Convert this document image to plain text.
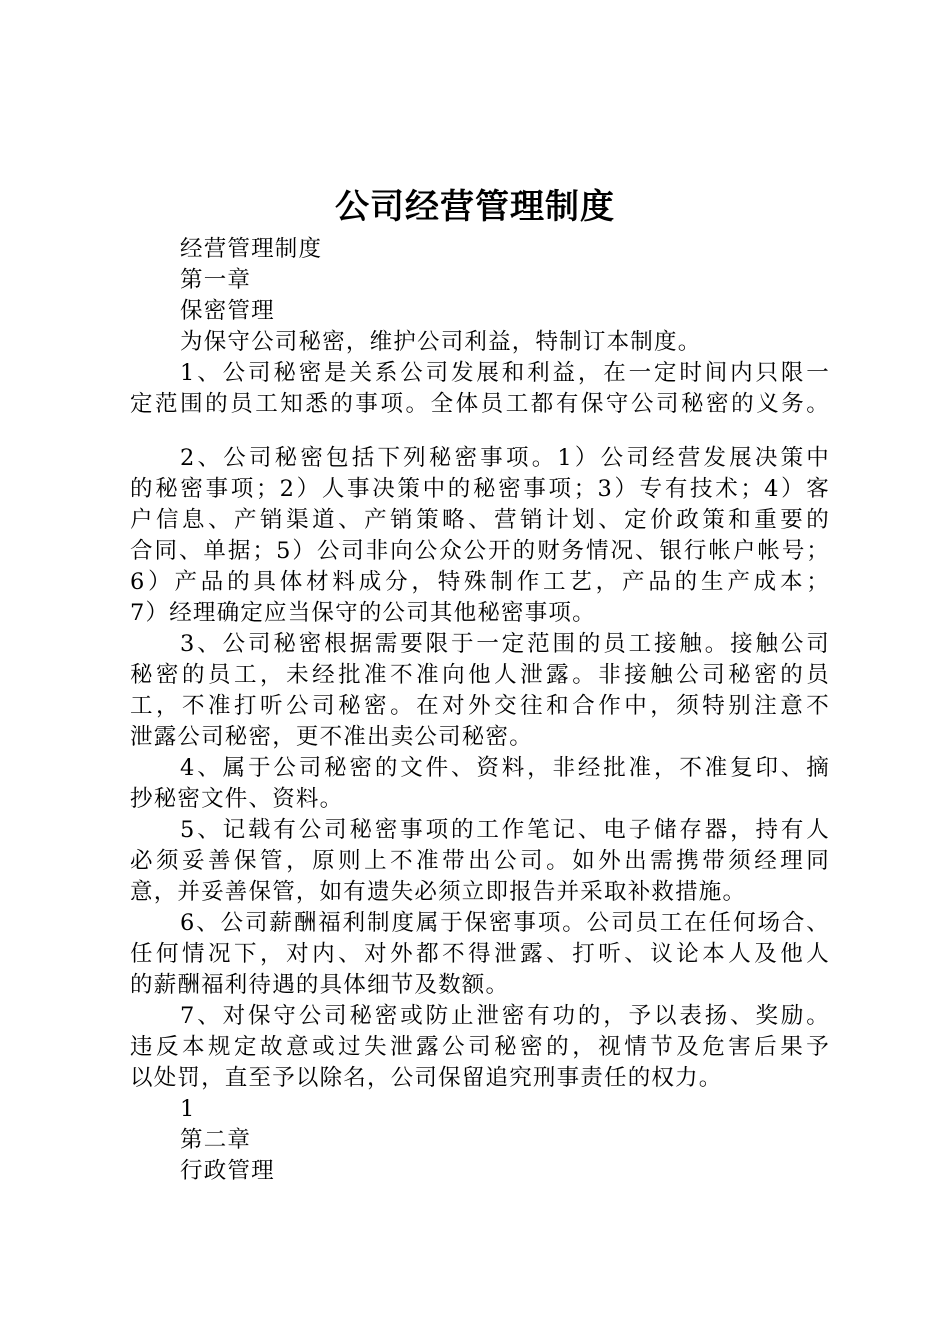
公司经营管理制度
经营管理制度
第一章
保密管理
为保守公司秘密，维护公司利益，特制订本制度。
1、公司秘密是关系公司发展和利益，在一定时间内只限一
定范围的员工知悉的事项。全体员工都有保守公司秘密的义务。
2、公司秘密包括下列秘密事项。1）公司经营发展决策中
的秘密事项；2）人事决策中的秘密事项；3）专有技术；4）客
户信息、产销渠道、产销策略、营销计划、定价政策和重要的
合同、单据；5）公司非向公众公开的财务情况、银行帐户帐号；
6）产品的具体材料成分，特殊制作工艺，产品的生产成本；
7）经理确定应当保守的公司其他秘密事项。
3、公司秘密根据需要限于一定范围的员工接触。接触公司
秘密的员工，未经批准不准向他人泄露。非接触公司秘密的员
工，不准打听公司秘密。在对外交往和合作中，须特别注意不
泄露公司秘密，更不准出卖公司秘密。
4、属于公司秘密的文件、资料，非经批准，不准复印、摘
抄秘密文件、资料。
5、记载有公司秘密事项的工作笔记、电子储存器，持有人
必须妥善保管，原则上不准带出公司。如外出需携带须经理同
意，并妥善保管，如有遗失必须立即报告并采取补救措施。
6、公司薪酬福利制度属于保密事项。公司员工在任何场合、
任何情况下，对内、对外都不得泄露、打听、议论本人及他人
的薪酬福利待遇的具体细节及数额。
7、对保守公司秘密或防止泄密有功的，予以表扬、奖励。
违反本规定故意或过失泄露公司秘密的，视情节及危害后果予
以处罚，直至予以除名，公司保留追究刑事责任的权力。
1
第二章
行政管理
